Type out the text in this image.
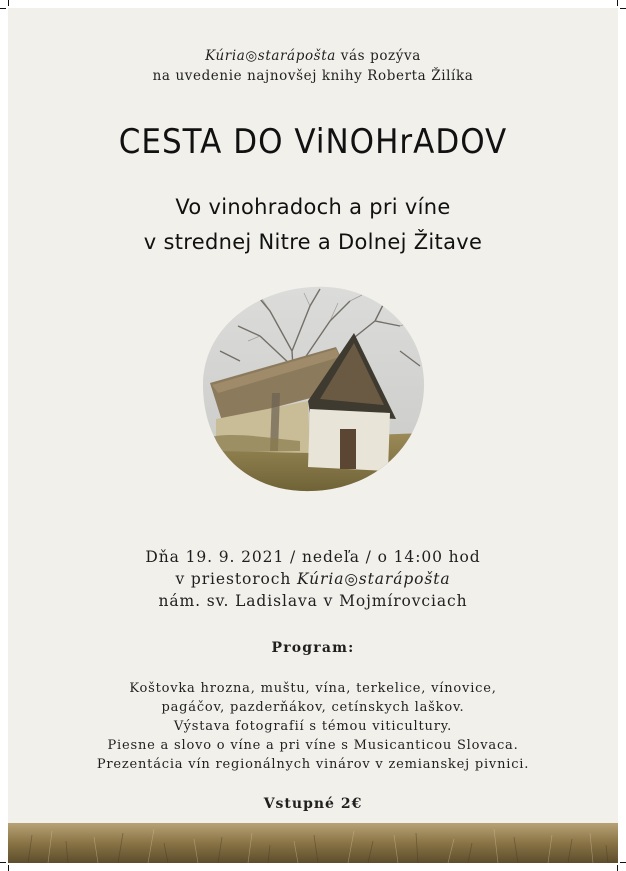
Kúria◎starápošta vás pozýva
na uvedenie najnovšej knihy Roberta Žilíka
CESTA DO ViNOHrADOV
Vo vinohradoch a pri víne
v strednej Nitre a Dolnej Žitave
Dňa 19. 9. 2021 / nedeľa / o 14:00 hod
v priestoroch Kúria◎starápošta
nám. sv. Ladislava v Mojmírovciach
Program:
Koštovka hrozna, muštu, vína, terkelice, vínovice,
pagáčov, pazderňákov, cetínskych laškov.
Výstava fotografií s témou viticultury.
Piesne a slovo o víne a pri víne s Musicanticou Slovaca.
Prezentácia vín regionálnych vinárov v zemianskej pivnici.
Vstupné 2€
